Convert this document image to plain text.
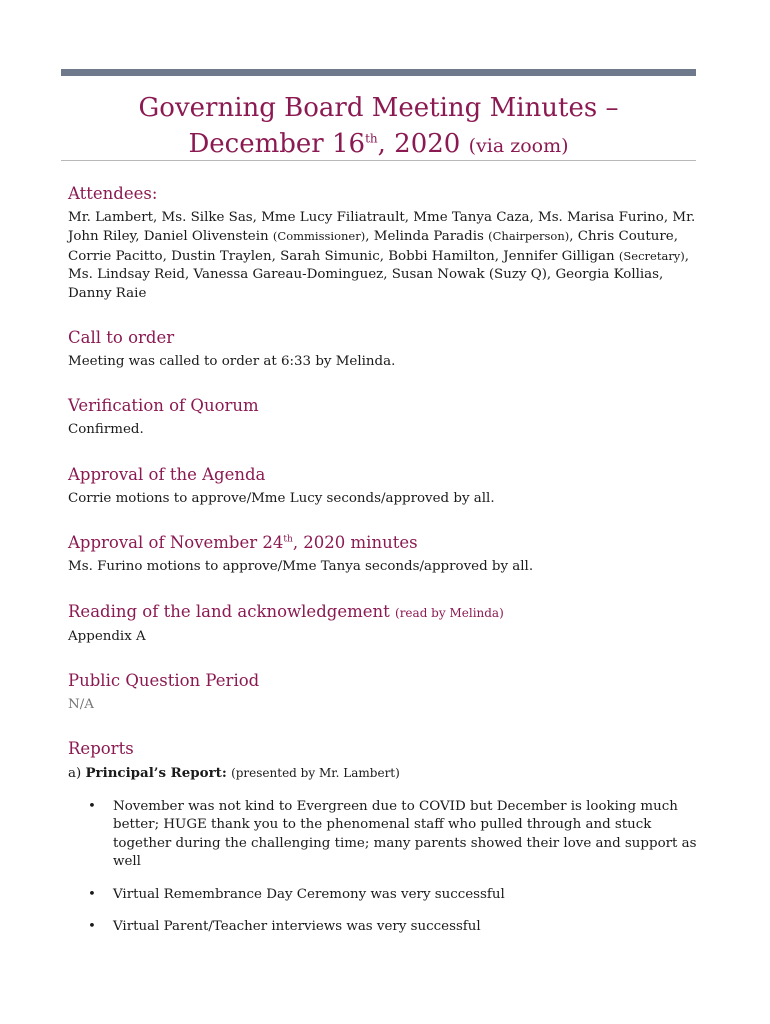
Governing Board Meeting Minutes –
December 16th, 2020 (via zoom)
Attendees:

Mr. Lambert, Ms. Silke Sas, Mme Lucy Filiatrault, Mme Tanya Caza, Ms. Marisa Furino, Mr. John Riley, Daniel Olivenstein (Commissioner), Melinda Paradis (Chairperson), Chris Couture, Corrie Pacitto, Dustin Traylen, Sarah Simunic, Bobbi Hamilton, Jennifer Gilligan (Secretary), Ms. Lindsay Reid, Vanessa Gareau-Dominguez, Susan Nowak (Suzy Q), Georgia Kollias, Danny Raie

Call to order

Meeting was called to order at 6:33 by Melinda.

Verification of Quorum

Confirmed.

Approval of the Agenda

Corrie motions to approve/Mme Lucy seconds/approved by all.

Approval of November 24th, 2020 minutes

Ms. Furino motions to approve/Mme Tanya seconds/approved by all.

Reading of the land acknowledgement (read by Melinda)

Appendix A

Public Question Period

N/A

Reports

a) Principal’s Report: (presented by Mr. Lambert)

• November was not kind to Evergreen due to COVID but December is looking much better; HUGE thank you to the phenomenal staff who pulled through and stuck together during the challenging time; many parents showed their love and support as well
• Virtual Remembrance Day Ceremony was very successful
• Virtual Parent/Teacher interviews was very successful
